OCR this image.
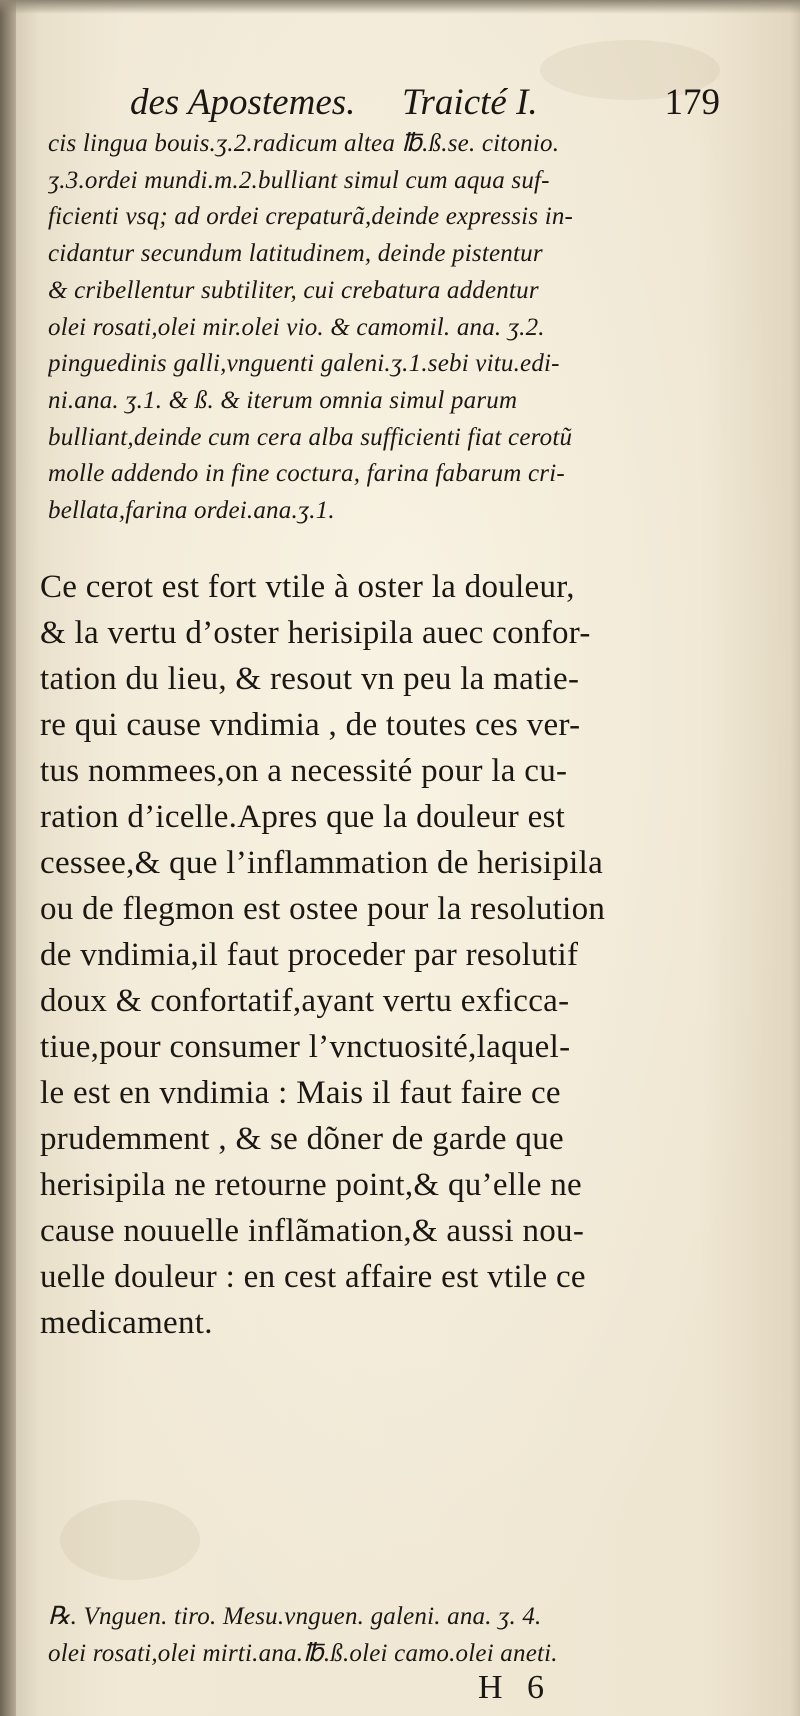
des Apostemes. Traicté I.	179
cis lingua bouis.ʒ.2.radicum altea ℔.ß.se. citonio.
ʒ.3.ordei mundi.m.2.bulliant simul cum aqua suf-
ficienti vsq; ad ordei crepaturã,deinde expressis in-
cidantur secundum latitudinem, deinde pistentur
& cribellentur subtiliter, cui crebatura addentur
olei rosati,olei mir.olei vio. & camomil. ana. ʒ.2.
pinguedinis galli,vnguenti galeni.ʒ.1.sebi vitu.edi-
ni.ana. ʒ.1. & ß. & iterum omnia simul parum
bulliant,deinde cum cera alba sufficienti fiat cerotũ
molle addendo in fine coctura, farina fabarum cri-
bellata,farina ordei.ana.ʒ.1.
Ce cerot est fort vtile à oster la douleur,
& la vertu d’oster herisipila auec confor-
tation du lieu, & resout vn peu la matie-
re qui cause vndimia , de toutes ces ver-
tus nommees,on a necessité pour la cu-
ration d’icelle.Apres que la douleur est
cessee,& que l’inflammation de herisipila
ou de flegmon est ostee pour la resolution
de vndimia,il faut proceder par resolutif
doux & confortatif,ayant vertu exficca-
tiue,pour consumer l’vnctuosité,laquel-
le est en vndimia : Mais il faut faire ce
prudemment , & se dõner de garde que
herisipila ne retourne point,& qu’elle ne
cause nouuelle inflãmation,& aussi nou-
uelle douleur : en cest affaire est vtile ce
medicament.
℞. Vnguen. tiro. Mesu.vnguen. galeni. ana. ʒ. 4.
olei rosati,olei mirti.ana.℔.ß.olei camo.olei aneti.
H 6
